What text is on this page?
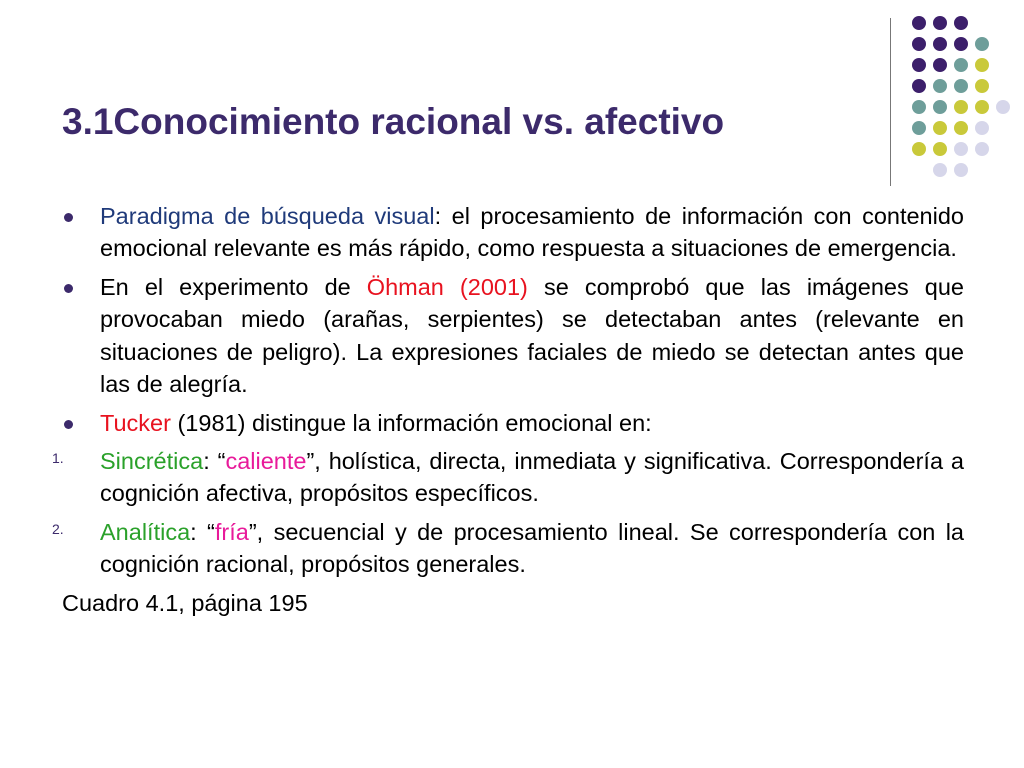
3.1Conocimiento racional vs. afectivo
Paradigma de búsqueda visual: el procesamiento de información con contenido emocional relevante es más rápido, como respuesta a situaciones de emergencia.
En el experimento de Öhman (2001) se comprobó que las imágenes que provocaban miedo (arañas, serpientes) se detectaban antes (relevante en situaciones de peligro). La expresiones faciales de miedo se detectan antes que las de alegría.
Tucker (1981) distingue la información emocional en:
1. Sincrética: “caliente”, holística, directa, inmediata y significativa. Correspondería a cognición afectiva, propósitos específicos.
2. Analítica: “fría”, secuencial y de procesamiento lineal. Se correspondería con la cognición racional, propósitos generales.
Cuadro 4.1, página 195
